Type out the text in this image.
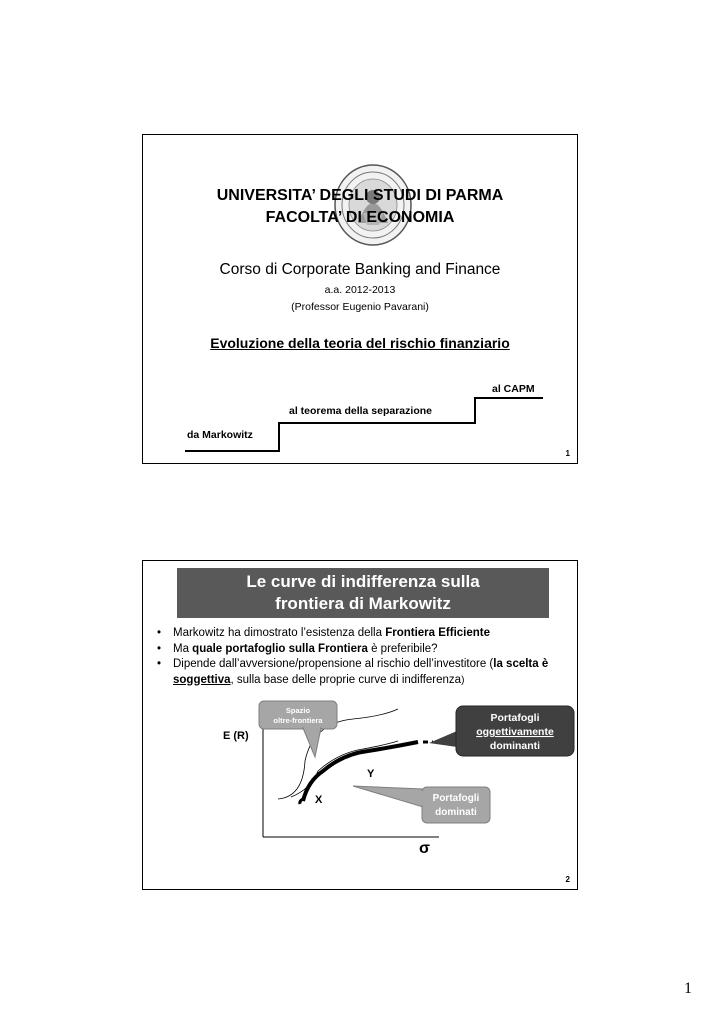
UNIVERSITA’ DEGLI STUDI DI PARMA
FACOLTA’ DI ECONOMIA
Corso di Corporate Banking and Finance
a.a. 2012-2013
(Professor Eugenio Pavarani)
Evoluzione della teoria del rischio finanziario
da Markowitz
al teorema della separazione
al CAPM
1
Le curve di indifferenza sulla
frontiera di Markowitz
• Markowitz ha dimostrato l’esistenza della Frontiera Efficiente
• Ma quale portafoglio sulla Frontiera è preferibile?
• Dipende dall’avversione/propensione al rischio dell’investitore (la scelta è soggettiva, sulla base delle proprie curve di indifferenza)
Spazio
oltre-frontiera	Portafogli
oggettivamente
dominanti
Portafogli
dominati
E (R)
σ
X
Y
2
1
